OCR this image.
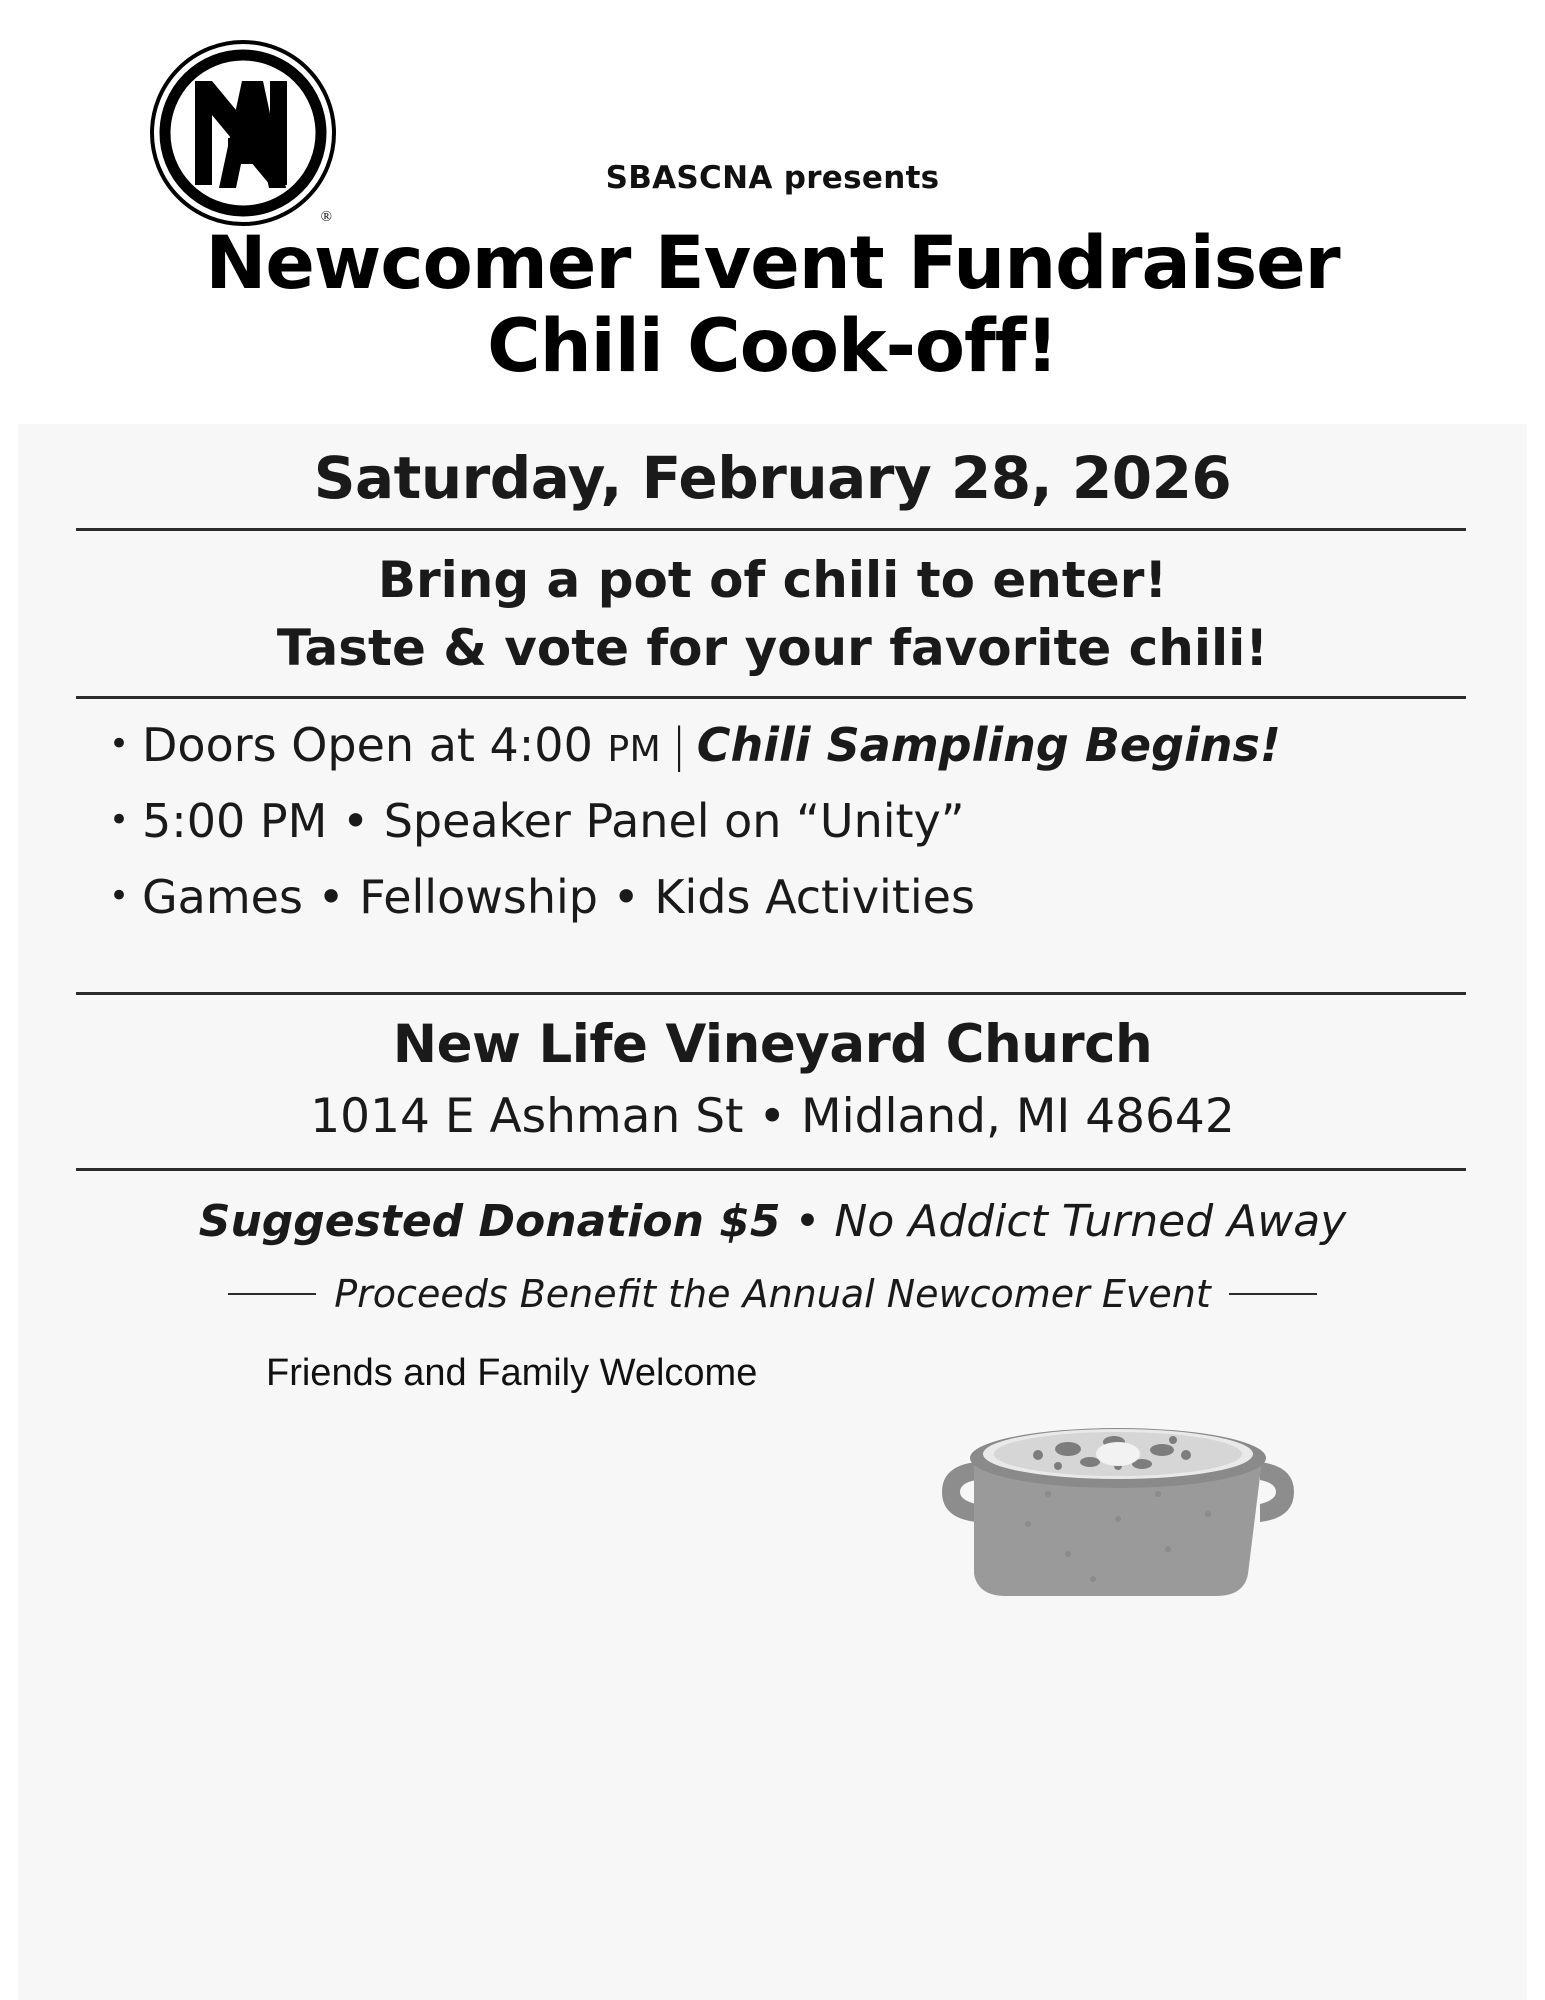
®
SBASCNA presents
Newcomer Event Fundraiser
Chili Cook-off!
Saturday, February 28, 2026
Bring a pot of chili to enter!
Taste & vote for your favorite chili!
• Doors Open at 4:00 PM | Chili Sampling Begins!
• 5:00 PM • Speaker Panel on “Unity”
• Games • Fellowship • Kids Activities
New Life Vineyard Church
1014 E Ashman St • Midland, MI 48642
Suggested Donation $5 • No Addict Turned Away
Proceeds Benefit the Annual Newcomer Event
Friends and Family Welcome
